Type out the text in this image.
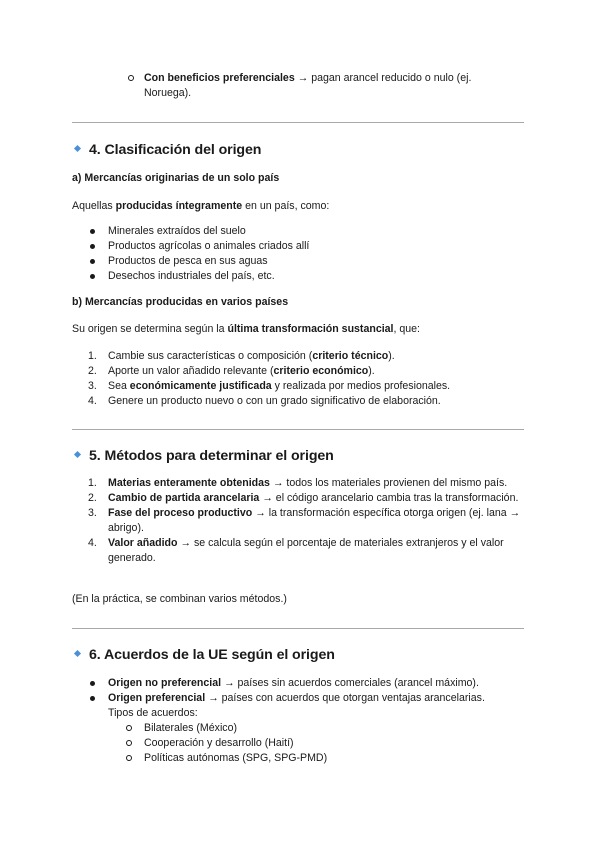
Con beneficios preferenciales → pagan arancel reducido o nulo (ej. Noruega).
4. Clasificación del origen
a) Mercancías originarias de un solo país
Aquellas producidas íntegramente en un país, como:
Minerales extraídos del suelo
Productos agrícolas o animales criados allí
Productos de pesca en sus aguas
Desechos industriales del país, etc.
b) Mercancías producidas en varios países
Su origen se determina según la última transformación sustancial, que:
1. Cambie sus características o composición (criterio técnico).
2. Aporte un valor añadido relevante (criterio económico).
3. Sea económicamente justificada y realizada por medios profesionales.
4. Genere un producto nuevo o con un grado significativo de elaboración.
5. Métodos para determinar el origen
1. Materias enteramente obtenidas → todos los materiales provienen del mismo país.
2. Cambio de partida arancelaria → el código arancelario cambia tras la transformación.
3. Fase del proceso productivo → la transformación específica otorga origen (ej. lana → abrigo).
4. Valor añadido → se calcula según el porcentaje de materiales extranjeros y el valor generado.
(En la práctica, se combinan varios métodos.)
6. Acuerdos de la UE según el origen
Origen no preferencial → países sin acuerdos comerciales (arancel máximo).
Origen preferencial → países con acuerdos que otorgan ventajas arancelarias.
Tipos de acuerdos:
Bilaterales (México)
Cooperación y desarrollo (Haití)
Políticas autónomas (SPG, SPG-PMD)
